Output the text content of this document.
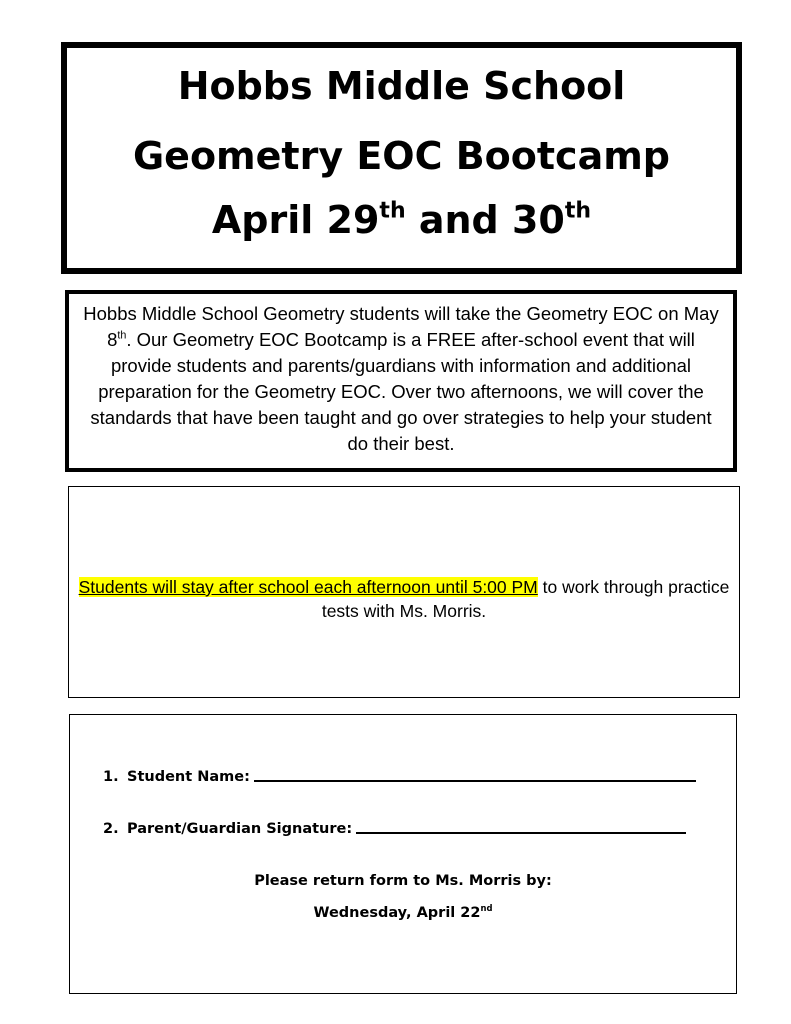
Hobbs Middle School
Geometry EOC Bootcamp
April 29th and 30th
Hobbs Middle School Geometry students will take the Geometry EOC on May 8th. Our Geometry EOC Bootcamp is a FREE after-school event that will provide students and parents/guardians with information and additional preparation for the Geometry EOC. Over two afternoons, we will cover the standards that have been taught and go over strategies to help your student do their best.
Students will stay after school each afternoon until 5:00 PM to work through practice tests with Ms. Morris.
1. Student Name:
2. Parent/Guardian Signature:
Please return form to Ms. Morris by:
Wednesday, April 22nd
